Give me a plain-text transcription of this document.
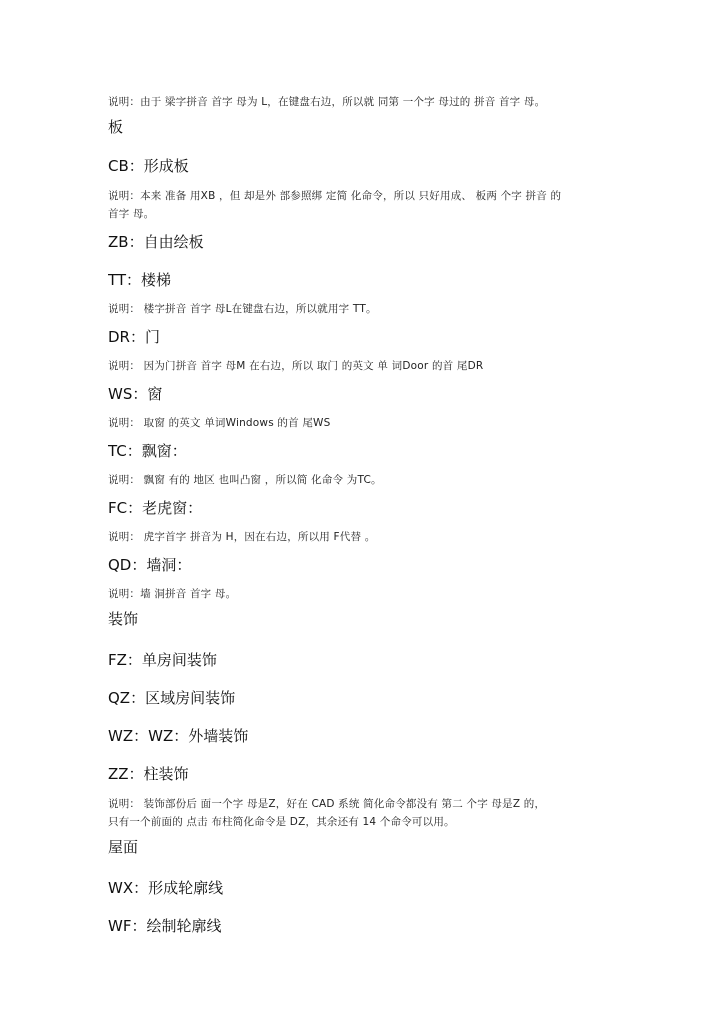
说明：由于 梁字拼音 首字 母为 L，在键盘右边，所以就 同第 一个字 母过的 拼音 首字 母。
板
CB：形成板
说明：本来 准备 用XB ，但 却是外 部参照绑 定简 化命令，所以 只好用成、 板两 个字 拼音 的
首字 母。
ZB：自由绘板
TT：楼梯
说明： 楼字拼音 首字 母L在键盘右边，所以就用字 TT。
DR：门
说明： 因为门拼音 首字 母M 在右边，所以 取门 的英文 单 词Door 的首 尾DR
WS：窗
说明： 取窗 的英文 单词Windows 的首 尾WS
TC：飘窗：
说明： 飘窗 有的 地区 也叫凸窗 ，所以简 化命令 为TC。
FC：老虎窗：
说明： 虎字首字 拼音为 H，因在右边，所以用 F代替 。
QD：墙洞：
说明：墙 洞拼音 首字 母。
装饰
FZ：单房间装饰
QZ：区域房间装饰
WZ：WZ：外墙装饰
ZZ：柱装饰
说明： 装饰部份后 面一个字 母是Z，好在 CAD 系统 简化命令都没有 第二 个字 母是Z 的，
只有一个前面的 点击 布柱简化命令是 DZ，其余还有 14 个命令可以用。
屋面
WX：形成轮廓线
WF：绘制轮廓线
